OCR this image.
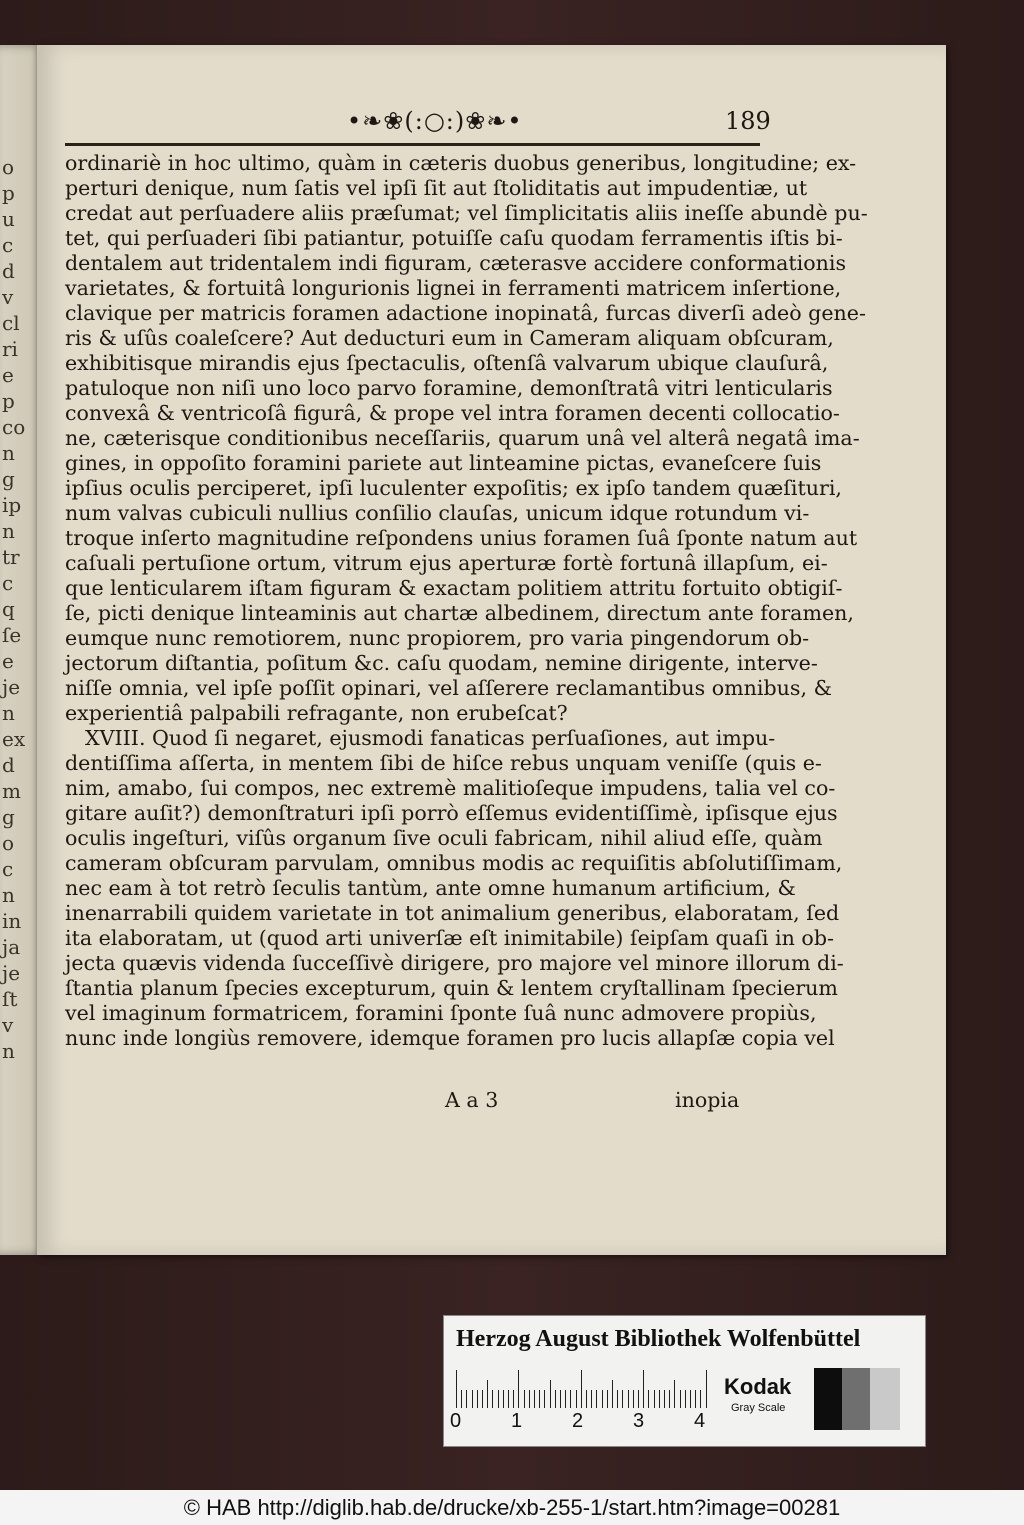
o
p
u
c
d
v
cl
ri
e
p
co
n
g
ip
n
tr
c
q
ſe
e
je
n
ex
d
m
g
o
c
n
in
ja
je
ſt
v
n
•❧❀(:○:)❀❧•	189
ordinariè in hoc ultimo, quàm in cæteris duobus generibus, longitudine; ex-
perturi denique, num ſatis vel ipſi ſit aut ſtoliditatis aut impudentiæ, ut
credat aut perſuadere aliis præſumat; vel ſimplicitatis aliis ineſſe abundè pu-
tet, qui perſuaderi ſibi patiantur, potuiſſe caſu quodam ferramentis iſtis bi-
dentalem aut tridentalem indi figuram, cæterasve accidere conformationis
varietates, & fortuitâ longurionis lignei in ferramenti matricem inſertione,
clavique per matricis foramen adactione inopinatâ, furcas diverſi adeò gene-
ris & uſûs coaleſcere? Aut deducturi eum in Cameram aliquam obſcuram,
exhibitisque mirandis ejus ſpectaculis, oſtenſâ valvarum ubique clauſurâ,
patuloque non niſi uno loco parvo foramine, demonſtratâ vitri lenticularis
convexâ & ventricoſâ figurâ, & prope vel intra foramen decenti collocatio-
ne, cæterisque conditionibus neceſſariis, quarum unâ vel alterâ negatâ ima-
gines, in oppoſito foramini pariete aut linteamine pictas, evaneſcere ſuis
ipſius oculis perciperet, ipſi luculenter expoſitis; ex ipſo tandem quæſituri,
num valvas cubiculi nullius conſilio clauſas, unicum idque rotundum vi-
troque inſerto magnitudine reſpondens unius foramen ſuâ ſponte natum aut
caſuali pertuſione ortum, vitrum ejus aperturæ fortè fortunâ illapſum, ei-
que lenticularem iſtam figuram & exactam politiem attritu fortuito obtigiſ-
ſe, picti denique linteaminis aut chartæ albedinem, directum ante foramen,
eumque nunc remotiorem, nunc propiorem, pro varia pingendorum ob-
jectorum diſtantia, poſitum &c. caſu quodam, nemine dirigente, interve-
niſſe omnia, vel ipſe poſſit opinari, vel aſſerere reclamantibus omnibus, &
experientiâ palpabili refragante, non erubeſcat?
XVIII. Quod ſi negaret, ejusmodi fanaticas perſuaſiones, aut impu-
dentiſſima aſſerta, in mentem ſibi de hiſce rebus unquam veniſſe (quis e-
nim, amabo, ſui compos, nec extremè malitioſeque impudens, talia vel co-
gitare auſit?) demonſtraturi ipſi porrò eſſemus evidentiſſimè, ipſisque ejus
oculis ingeſturi, viſûs organum ſive oculi fabricam, nihil aliud eſſe, quàm
cameram obſcuram parvulam, omnibus modis ac requiſitis abſolutiſſimam,
nec eam à tot retrò ſeculis tantùm, ante omne humanum artificium, &
inenarrabili quidem varietate in tot animalium generibus, elaboratam, ſed
ita elaboratam, ut (quod arti univerſæ eſt inimitabile) ſeipſam quaſi in ob-
jecta quævis videnda ſucceſſivè dirigere, pro majore vel minore illorum di-
ſtantia planum ſpecies excepturum, quin & lentem cryſtallinam ſpecierum
vel imaginum formatricem, foramini ſponte ſuâ nunc admovere propiùs,
nunc inde longiùs removere, idemque foramen pro lucis allapſæ copia vel
A a 3	inopia
Herzog August Bibliothek Wolfenbüttel
0 1 2 3 4
Kodak
Gray Scale
© HAB http://diglib.hab.de/drucke/xb-255-1/start.htm?image=00281
